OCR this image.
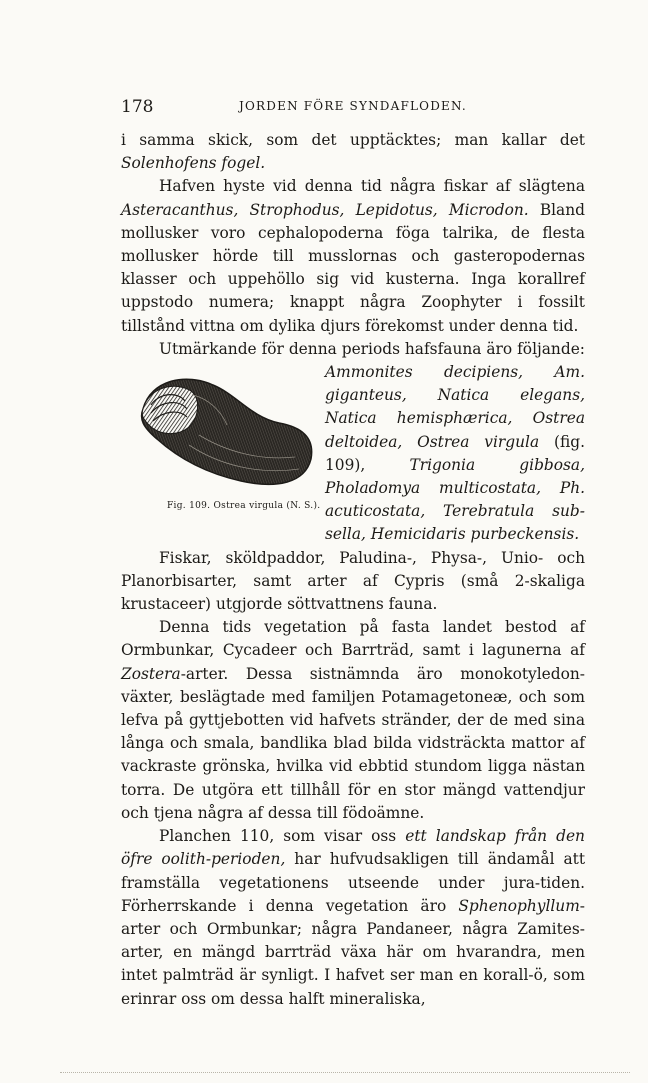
178	JORDEN FÖRE SYNDAFLODEN.

i samma skick, som det upptäcktes; man kallar det Solenhofens fogel.

Hafven hyste vid denna tid några fiskar af slägtena Asteracanthus, Strophodus, Lepidotus, Microdon. Bland mollusker voro cephalopoderna föga talrika, de flesta mollusker hörde till musslornas och gasteropodernas klasser och uppehöllo sig vid kusterna. Inga korallref uppstodo numera; knappt några Zoophyter i fossilt tillstånd vittna om dylika djurs förekomst under denna tid.

Utmärkande för denna periods hafsfauna äro följande:
Fig. 109. Ostrea virgula (N. S.).
Ammonites decipiens, Am. giganteus, Natica elegans, Natica hemisphærica, Ostrea deltoidea, Ostrea virgula (fig. 109), Trigonia gibbosa, Pholadomya multicostata, Ph. acuticostata, Terebratula subsella, Hemicidaris purbeckensis.

Fiskar, sköldpaddor, Paludina-, Physa-, Unio- och Planorbisarter, samt arter af Cypris (små 2-skaliga krustaceer) utgjorde söttvattnens fauna.

Denna tids vegetation på fasta landet bestod af Ormbunkar, Cycadeer och Barrträd, samt i lagunerna af Zostera-arter. Dessa sistnämnda äro monokotyledon-växter, beslägtade med familjen Potamagetoneæ, och som lefva på gyttjebotten vid hafvets stränder, der de med sina långa och smala, bandlika blad bilda vidsträckta mattor af vackraste grönska, hvilka vid ebbtid stundom ligga nästan torra. De utgöra ett tillhåll för en stor mängd vattendjur och tjena några af dessa till födoämne.

Planchen 110, som visar oss ett landskap från den öfre oolith-perioden, har hufvudsakligen till ändamål att framställa vegetationens utseende under jura-tiden. Förherrskande i denna vegetation äro Sphenophyllum-arter och Ormbunkar; några Pandaneer, några Zamites-arter, en mängd barrträd växa här om hvarandra, men intet palmträd är synligt. I hafvet ser man en korall-ö, som erinrar oss om dessa halft mineraliska,
